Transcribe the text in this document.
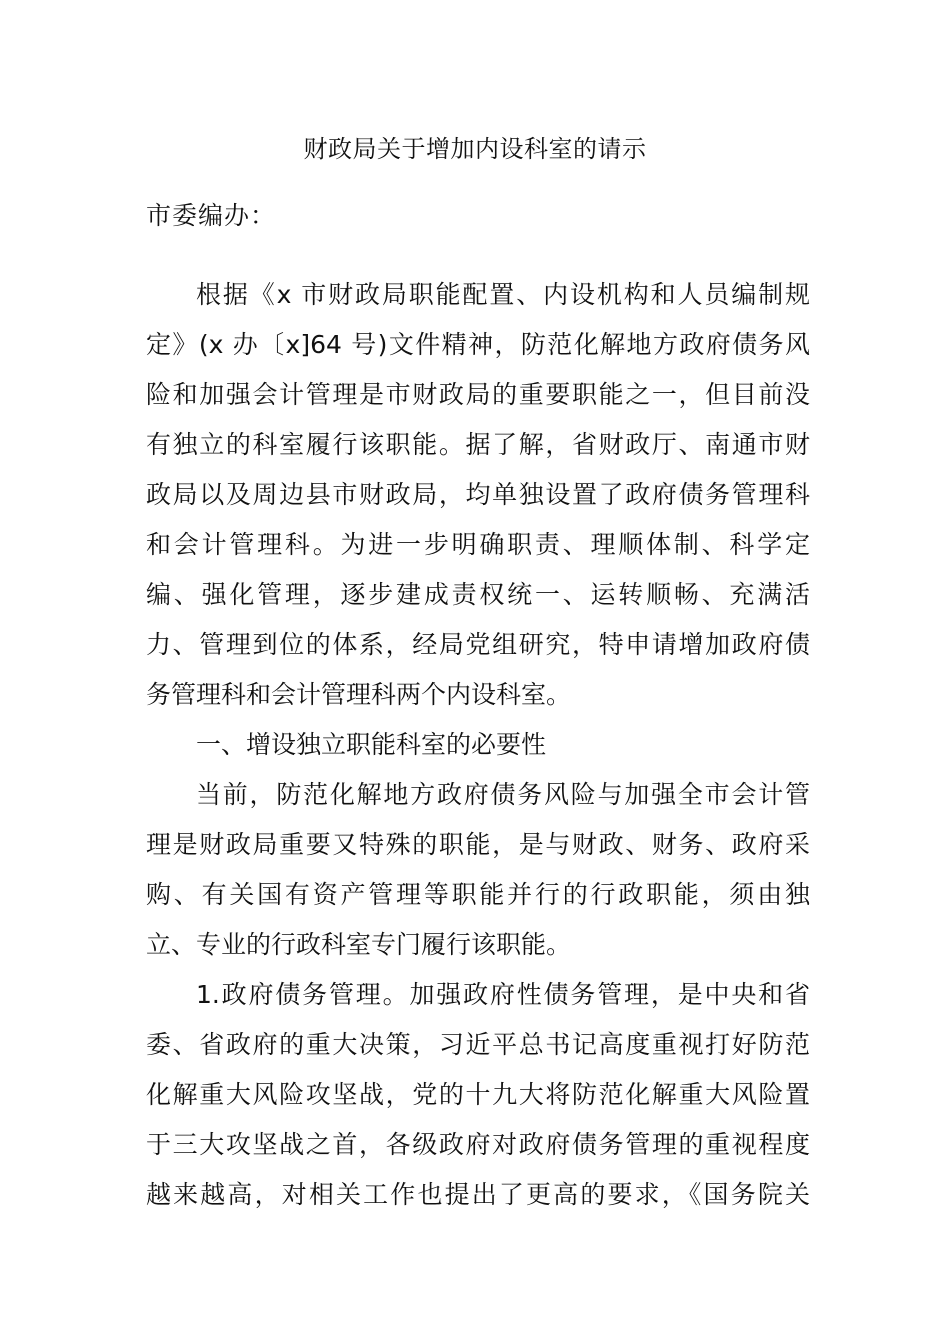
财政局关于增加内设科室的请示
市委编办：
根据《x 市财政局职能配置、内设机构和人员编制规
定》(x 办〔x]64 号)文件精神，防范化解地方政府债务风
险和加强会计管理是市财政局的重要职能之一，但目前没
有独立的科室履行该职能。据了解，省财政厅、南通市财
政局以及周边县市财政局，均单独设置了政府债务管理科
和会计管理科。为进一步明确职责、理顺体制、科学定
编、强化管理，逐步建成责权统一、运转顺畅、充满活
力、管理到位的体系，经局党组研究，特申请增加政府债
务管理科和会计管理科两个内设科室。
一、增设独立职能科室的必要性
当前，防范化解地方政府债务风险与加强全市会计管
理是财政局重要又特殊的职能，是与财政、财务、政府采
购、有关国有资产管理等职能并行的行政职能，须由独
立、专业的行政科室专门履行该职能。
1.政府债务管理。加强政府性债务管理，是中央和省
委、省政府的重大决策，习近平总书记高度重视打好防范
化解重大风险攻坚战，党的十九大将防范化解重大风险置
于三大攻坚战之首，各级政府对政府债务管理的重视程度
越来越高，对相关工作也提出了更高的要求，《国务院关
